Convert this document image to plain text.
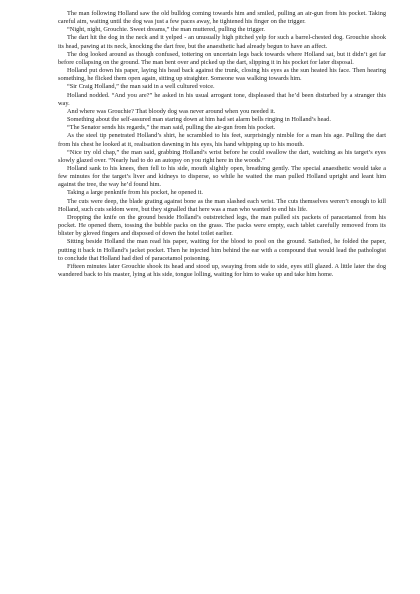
The man following Holland saw the old bulldog coming towards him and smiled, pulling an air-gun from his pocket. Taking careful aim, waiting until the dog was just a few paces away, he tightened his finger on the trigger.

“Night, night, Grouchie. Sweet dreams,” the man muttered, pulling the trigger.

The dart hit the dog in the neck and it yelped - an unusually high pitched yelp for such a barrel-chested dog. Grouchie shook its head, pawing at its neck, knocking the dart free, but the anaesthetic had already begun to have an affect.

The dog looked around as though confused, tottering on uncertain legs back towards where Holland sat, but it didn’t get far before collapsing on the ground. The man bent over and picked up the dart, slipping it in his pocket for later disposal.

Holland put down his paper, laying his head back against the trunk, closing his eyes as the sun heated his face. Then hearing something, he flicked them open again, sitting up straighter. Someone was walking towards him.

“Sir Craig Holland,” the man said in a well cultured voice.

Holland nodded. “And you are?” he asked in his usual arrogant tone, displeased that he’d been disturbed by a stranger this way.

And where was Grouchie? That bloody dog was never around when you needed it.

Something about the self-assured man staring down at him had set alarm bells ringing in Holland’s head.

“The Senator sends his regards,” the man said, pulling the air-gun from his pocket.

As the steel tip penetrated Holland’s shirt, he scrambled to his feet, surprisingly nimble for a man his age. Pulling the dart from his chest he looked at it, realisation dawning in his eyes, his hand whipping up to his mouth.

“Nice try old chap,” the man said, grabbing Holland’s wrist before he could swallow the dart, watching as his target’s eyes slowly glazed over. “Nearly had to do an autopsy on you right here in the woods.”

Holland sank to his knees, then fell to his side, mouth slightly open, breathing gently. The special anaesthetic would take a few minutes for the target’s liver and kidneys to disperse, so while he waited the man pulled Holland upright and leant him against the tree, the way he’d found him.

Taking a large penknife from his pocket, he opened it.

The cuts were deep, the blade grating against bone as the man slashed each wrist. The cuts themselves weren’t enough to kill Holland, such cuts seldom were, but they signalled that here was a man who wanted to end his life.

Dropping the knife on the ground beside Holland’s outstretched legs, the man pulled six packets of paracetamol from his pocket. He opened them, tossing the bubble packs on the grass. The packs were empty, each tablet carefully removed from its blister by gloved fingers and disposed of down the hotel toilet earlier.

Sitting beside Holland the man read his paper, waiting for the blood to pool on the ground. Satisfied, he folded the paper, putting it back in Holland’s jacket pocket. Then he injected him behind the ear with a compound that would lead the pathologist to conclude that Holland had died of paracetamol poisoning.

Fifteen minutes later Grouchie shook its head and stood up, swaying from side to side, eyes still glazed. A little later the dog wandered back to his master, lying at his side, tongue lolling, waiting for him to wake up and take him home.
